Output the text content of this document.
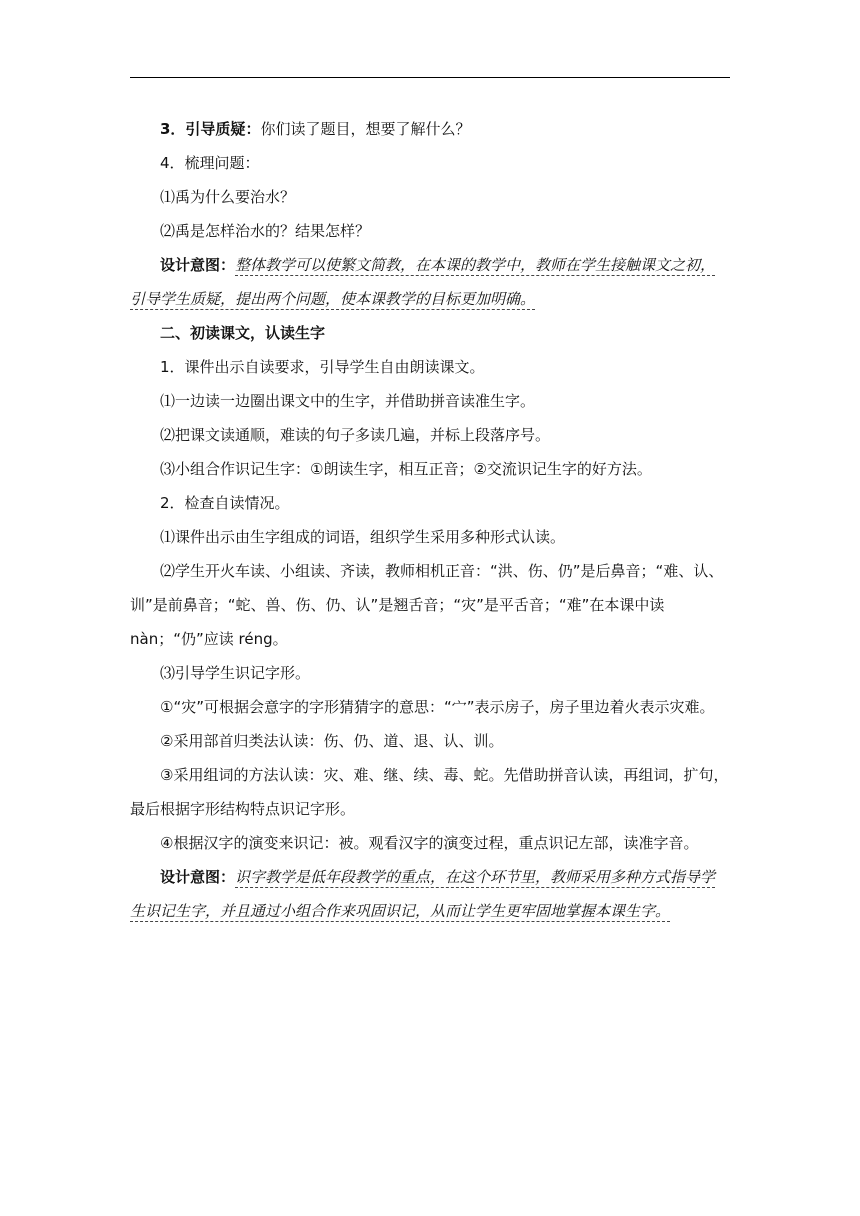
3．引导质疑：你们读了题目，想要了解什么？

4．梳理问题：

⑴禹为什么要治水？

⑵禹是怎样治水的？结果怎样？

设计意图：整体教学可以使繁文简教，在本课的教学中，教师在学生接触课文之初，引导学生质疑，提出两个问题，使本课教学的目标更加明确。

二、初读课文，认读生字

1．课件出示自读要求，引导学生自由朗读课文。

⑴一边读一边圈出课文中的生字，并借助拼音读准生字。

⑵把课文读通顺，难读的句子多读几遍，并标上段落序号。

⑶小组合作识记生字：①朗读生字，相互正音；②交流识记生字的好方法。

2．检查自读情况。

⑴课件出示由生字组成的词语，组织学生采用多种形式认读。

⑵学生开火车读、小组读、齐读，教师相机正音：“洪、伤、仍”是后鼻音；“难、认、训”是前鼻音；“蛇、兽、伤、仍、认”是翘舌音；“灾”是平舌音；“难”在本课中读 nàn；“仍”应读 réng。

⑶引导学生识记字形。

①“灾”可根据会意字的字形猜猜字的意思：“宀”表示房子，房子里边着火表示灾难。

②采用部首归类法认读：伤、仍、道、退、认、训。

③采用组词的方法认读：灾、难、继、续、毒、蛇。先借助拼音认读，再组词，扩句，最后根据字形结构特点识记字形。

④根据汉字的演变来识记：被。观看汉字的演变过程，重点识记左部，读准字音。

设计意图：识字教学是低年段教学的重点，在这个环节里，教师采用多种方式指导学生识记生字，并且通过小组合作来巩固识记，从而让学生更牢固地掌握本课生字。
